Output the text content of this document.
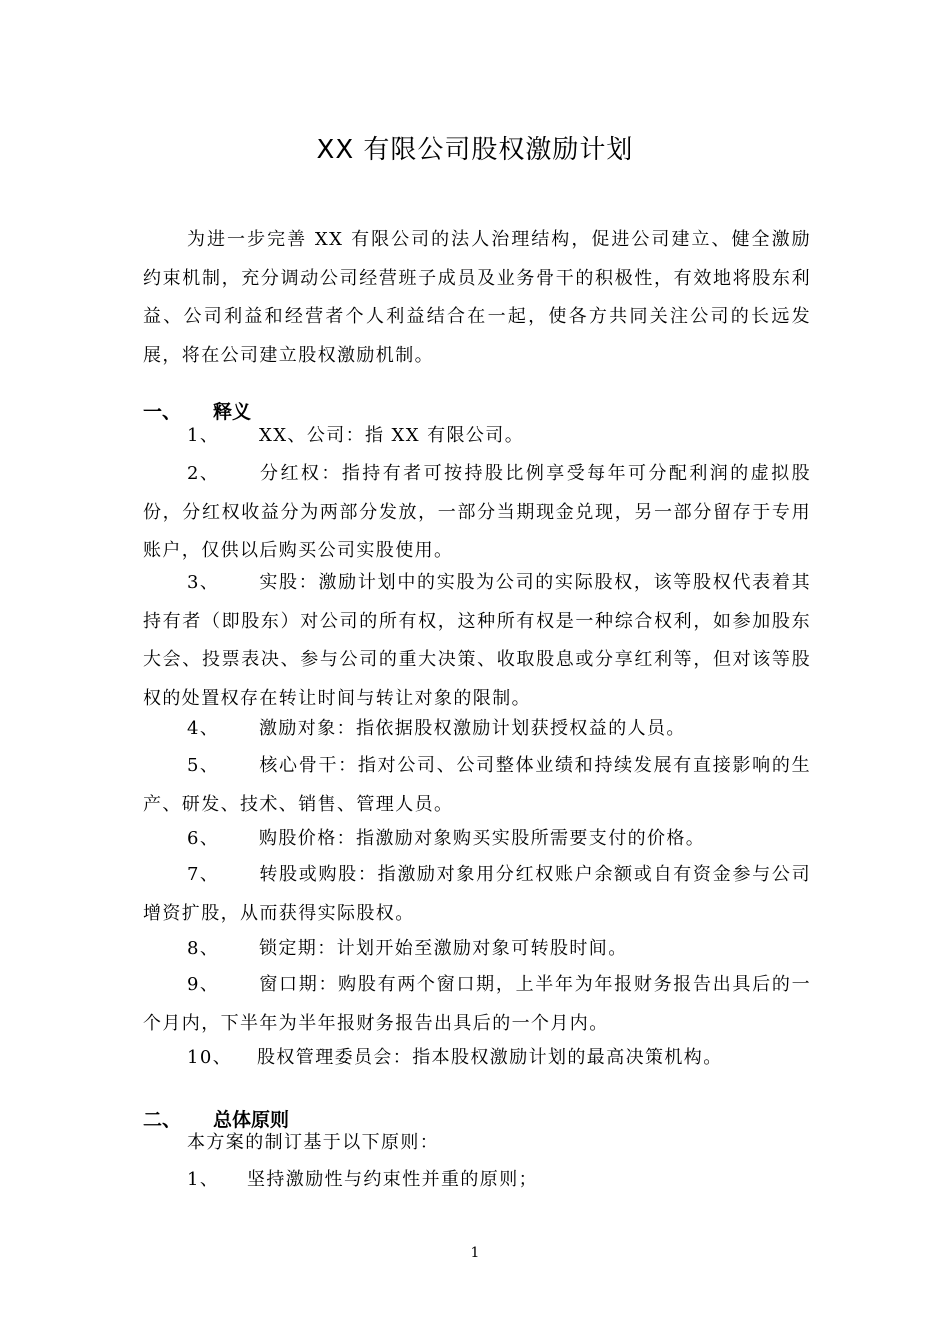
XX 有限公司股权激励计划
为进一步完善 XX 有限公司的法人治理结构，促进公司建立、健全激励约束机制，充分调动公司经营班子成员及业务骨干的积极性，有效地将股东利益、公司利益和经营者个人利益结合在一起，使各方共同关注公司的长远发展，将在公司建立股权激励机制。
一、 释义
1、 XX、公司：指 XX 有限公司。
2、 分红权：指持有者可按持股比例享受每年可分配利润的虚拟股份，分红权收益分为两部分发放，一部分当期现金兑现，另一部分留存于专用账户，仅供以后购买公司实股使用。
3、 实股：激励计划中的实股为公司的实际股权，该等股权代表着其持有者（即股东）对公司的所有权，这种所有权是一种综合权利，如参加股东大会、投票表决、参与公司的重大决策、收取股息或分享红利等，但对该等股权的处置权存在转让时间与转让对象的限制。
4、 激励对象：指依据股权激励计划获授权益的人员。
5、 核心骨干：指对公司、公司整体业绩和持续发展有直接影响的生产、研发、技术、销售、管理人员。
6、 购股价格：指激励对象购买实股所需要支付的价格。
7、 转股或购股：指激励对象用分红权账户余额或自有资金参与公司增资扩股，从而获得实际股权。
8、 锁定期：计划开始至激励对象可转股时间。
9、 窗口期：购股有两个窗口期，上半年为年报财务报告出具后的一个月内，下半年为半年报财务报告出具后的一个月内。
10、 股权管理委员会：指本股权激励计划的最高决策机构。
二、 总体原则
本方案的制订基于以下原则：
1、 坚持激励性与约束性并重的原则；
1
